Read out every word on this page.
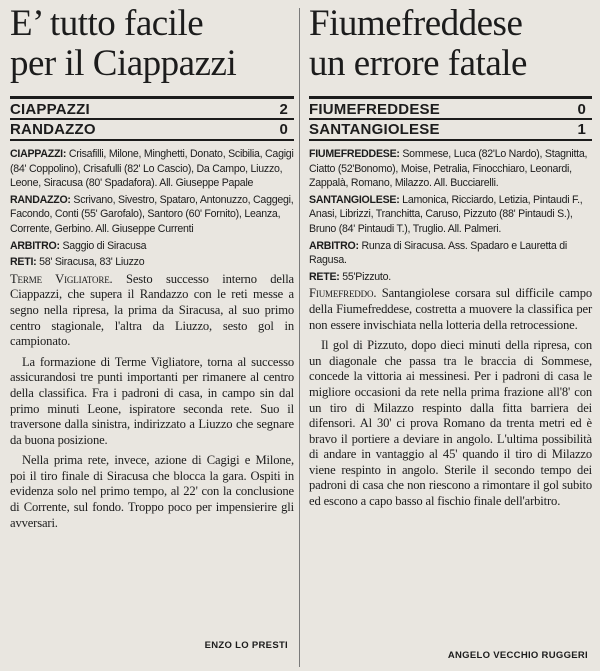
E’ tutto facile
per il Ciappazzi
CIAPPAZZI	2
RANDAZZO	0

CIAPPAZZI: Crisafilli, Milone, Minghetti, Donato, Scibilia, Cagigi (84' Coppolino), Crisafulli (82' Lo Cascio), Da Campo, Liuzzo, Leone, Siracusa (80' Spadafora). All. Giuseppe Papale

RANDAZZO: Scrivano, Sivestro, Spataro, Antonuzzo, Caggegi, Facondo, Conti (55' Garofalo), Santoro (60' Fornito), Leanza, Corrente, Gerbino. All. Giuseppe Currenti

ARBITRO: Saggio di Siracusa

RETI: 58' Siracusa, 83' Liuzzo

Terme Vigliatore. Sesto successo interno della Ciappazzi, che supera il Randazzo con le reti messe a segno nella ripresa, la prima da Siracusa, al suo primo centro stagionale, l'altra da Liuzzo, sesto gol in campionato.

La formazione di Terme Vigliatore, torna al successo assicurandosi tre punti importanti per rimanere al centro della classifica. Fra i padroni di casa, in campo sin dal primo minuti Leone, ispiratore seconda rete. Suo il traversone dalla sinistra, indirizzato a Liuzzo che segnare da buona posizione.

Nella prima rete, invece, azione di Cagigi e Milone, poi il tiro finale di Siracusa che blocca la gara. Ospiti in evidenza solo nel primo tempo, al 22' con la conclusione di Corrente, sul fondo. Troppo poco per impensierire gli avversari.

ENZO LO PRESTI
Fiumefreddese
un errore fatale
FIUMEFREDDESE	0
SANTANGIOLESE	1

FIUMEFREDDESE: Sommese, Luca (82'Lo Nardo), Stagnitta, Ciatto (52'Bonomo), Moise, Petralia, Finocchiaro, Leonardi, Zappalà, Romano, Milazzo. All. Bucciarelli.

SANTANGIOLESE: Lamonica, Ricciardo, Letizia, Pintaudi F., Anasi, Librizzi, Tranchitta, Caruso, Pizzuto (88' Pintaudi S.), Bruno (84' Pintaudi T.), Truglio. All. Palmeri.

ARBITRO: Runza di Siracusa. Ass. Spadaro e Lauretta di Ragusa.

RETE: 55'Pizzuto.

Fiumefreddo. Santangiolese corsara sul difficile campo della Fiumefreddese, costretta a muovere la classifica per non essere invischiata nella lotteria della retrocessione.

Il gol di Pizzuto, dopo dieci minuti della ripresa, con un diagonale che passa tra le braccia di Sommese, concede la vittoria ai messinesi. Per i padroni di casa le migliore occasioni da rete nella prima frazione all'8' con un tiro di Milazzo respinto dalla fitta barriera dei difensori. Al 30' ci prova Romano da trenta metri ed è bravo il portiere a deviare in angolo. L'ultima possibilità di andare in vantaggio al 45' quando il tiro di Milazzo viene respinto in angolo. Sterile il secondo tempo dei padroni di casa che non riescono a rimontare il gol subito ed escono a capo basso al fischio finale dell'arbitro.

ANGELO VECCHIO RUGGERI
